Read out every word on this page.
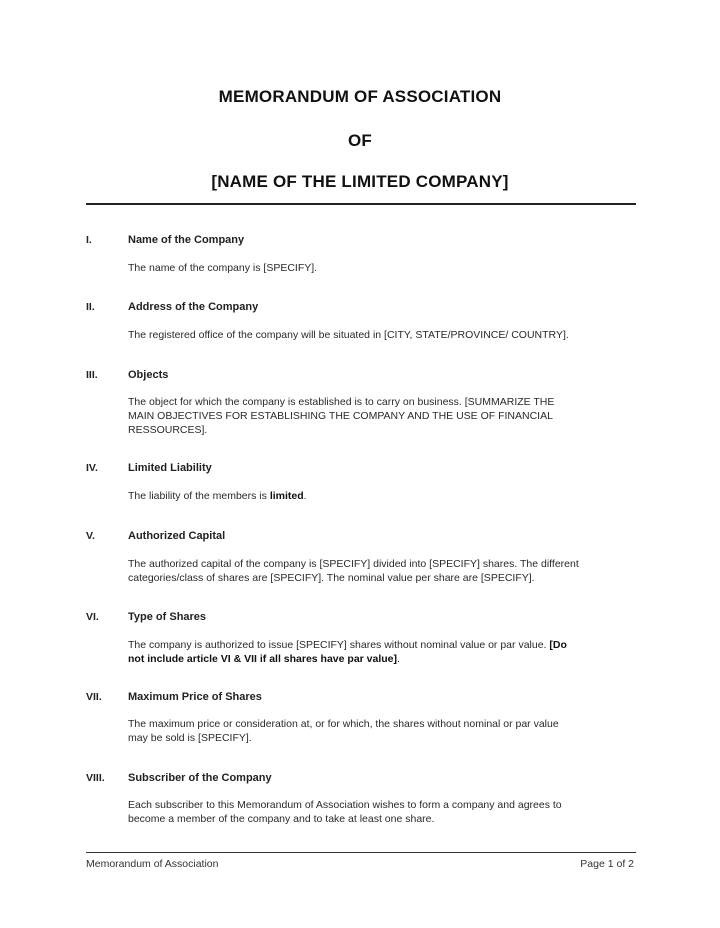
MEMORANDUM OF ASSOCIATION
OF
[NAME OF THE LIMITED COMPANY]
I.	Name of the Company
The name of the company is [SPECIFY].
II.	Address of the Company
The registered office of the company will be situated in [CITY, STATE/PROVINCE/ COUNTRY].
III.	Objects
The object for which the company is established is to carry on business. [SUMMARIZE THE
MAIN OBJECTIVES FOR ESTABLISHING THE COMPANY AND THE USE OF FINANCIAL
RESSOURCES].
IV.	Limited Liability
The liability of the members is limited.
V.	Authorized Capital
The authorized capital of the company is [SPECIFY] divided into [SPECIFY] shares. The different
categories/class of shares are [SPECIFY]. The nominal value per share are [SPECIFY].
VI.	Type of Shares
The company is authorized to issue [SPECIFY] shares without nominal value or par value. [Do
not include article VI & VII if all shares have par value].
VII.	Maximum Price of Shares
The maximum price or consideration at, or for which, the shares without nominal or par value
may be sold is [SPECIFY].
VIII.	Subscriber of the Company
Each subscriber to this Memorandum of Association wishes to form a company and agrees to
become a member of the company and to take at least one share.
Memorandum of Association	Page 1 of 2
